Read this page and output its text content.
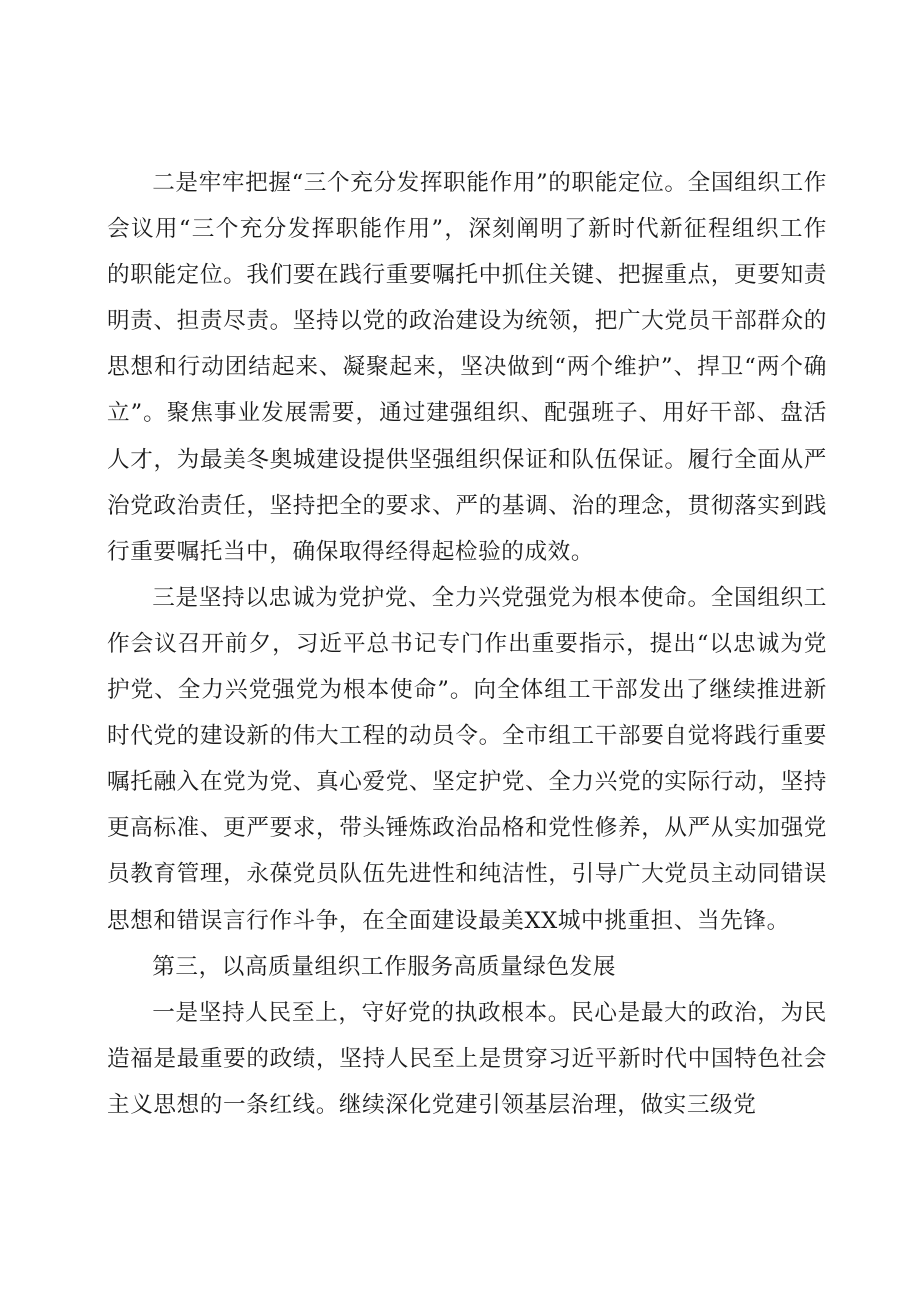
二是牢牢把握“三个充分发挥职能作用”的职能定位。全国组织工作会议用“三个充分发挥职能作用”，深刻阐明了新时代新征程组织工作的职能定位。我们要在践行重要嘱托中抓住关键、把握重点，更要知责明责、担责尽责。坚持以党的政治建设为统领，把广大党员干部群众的思想和行动团结起来、凝聚起来，坚决做到“两个维护”、捍卫“两个确立”。聚焦事业发展需要，通过建强组织、配强班子、用好干部、盘活人才，为最美冬奥城建设提供坚强组织保证和队伍保证。履行全面从严治党政治责任，坚持把全的要求、严的基调、治的理念，贯彻落实到践行重要嘱托当中，确保取得经得起检验的成效。

三是坚持以忠诚为党护党、全力兴党强党为根本使命。全国组织工作会议召开前夕，习近平总书记专门作出重要指示，提出“以忠诚为党护党、全力兴党强党为根本使命”。向全体组工干部发出了继续推进新时代党的建设新的伟大工程的动员令。全市组工干部要自觉将践行重要嘱托融入在党为党、真心爱党、坚定护党、全力兴党的实际行动，坚持更高标准、更严要求，带头锤炼政治品格和党性修养，从严从实加强党员教育管理，永葆党员队伍先进性和纯洁性，引导广大党员主动同错误思想和错误言行作斗争，在全面建设最美XX城中挑重担、当先锋。

第三，以高质量组织工作服务高质量绿色发展

一是坚持人民至上，守好党的执政根本。民心是最大的政治，为民造福是最重要的政绩，坚持人民至上是贯穿习近平新时代中国特色社会主义思想的一条红线。继续深化党建引领基层治理，做实三级党
